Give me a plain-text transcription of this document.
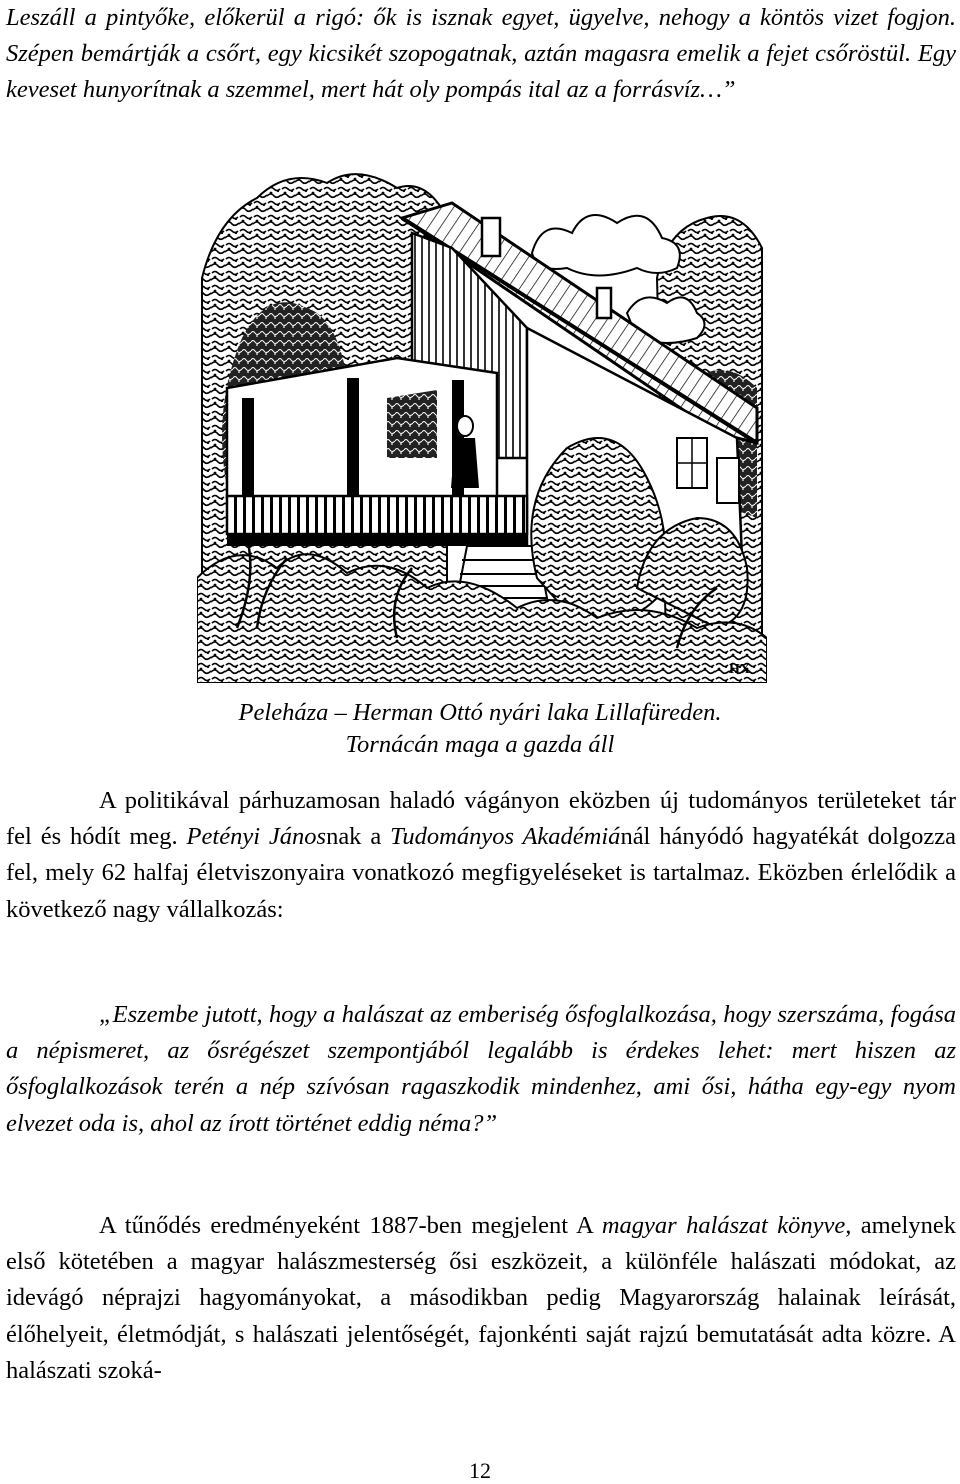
Leszáll a pintyőke, előkerül a rigó: ők is isznak egyet, ügyelve, nehogy a köntös vizet fogjon. Szépen bemártják a csőrt, egy kicsikét szopogatnak, aztán magasra emelik a fejet csőröstül. Egy keveset hunyorítnak a szemmel, mert hát oly pompás ital az a forrásvíz…”

HX

Peleháza – Herman Ottó nyári laka Lillafüreden.

Tornácán maga a gazda áll

A politikával párhuzamosan haladó vágányon eközben új tudományos területeket tár fel és hódít meg. Petényi Jánosnak a Tudományos Akadémiánál hányódó hagyatékát dolgozza fel, mely 62 halfaj életviszonyaira vonatkozó megfigyeléseket is tartalmaz. Eközben érlelődik a következő nagy vállalkozás:

„Eszembe jutott, hogy a halászat az emberiség ősfoglalkozása, hogy szerszáma, fogása a népismeret, az ősrégészet szempontjából legalább is érdekes lehet: mert hiszen az ősfoglalkozások terén a nép szívósan ragaszkodik mindenhez, ami ősi, hátha egy-egy nyom elvezet oda is, ahol az írott történet eddig néma?”

A tűnődés eredményeként 1887-ben megjelent A magyar halászat könyve, amelynek első kötetében a magyar halászmesterség ősi eszközeit, a különféle halászati módokat, az idevágó néprajzi hagyományokat, a másodikban pedig Magyarország halainak leírását, élőhelyeit, életmódját, s halászati jelentőségét, fajonkénti saját rajzú bemutatását adta közre. A halászati szoká-

12
